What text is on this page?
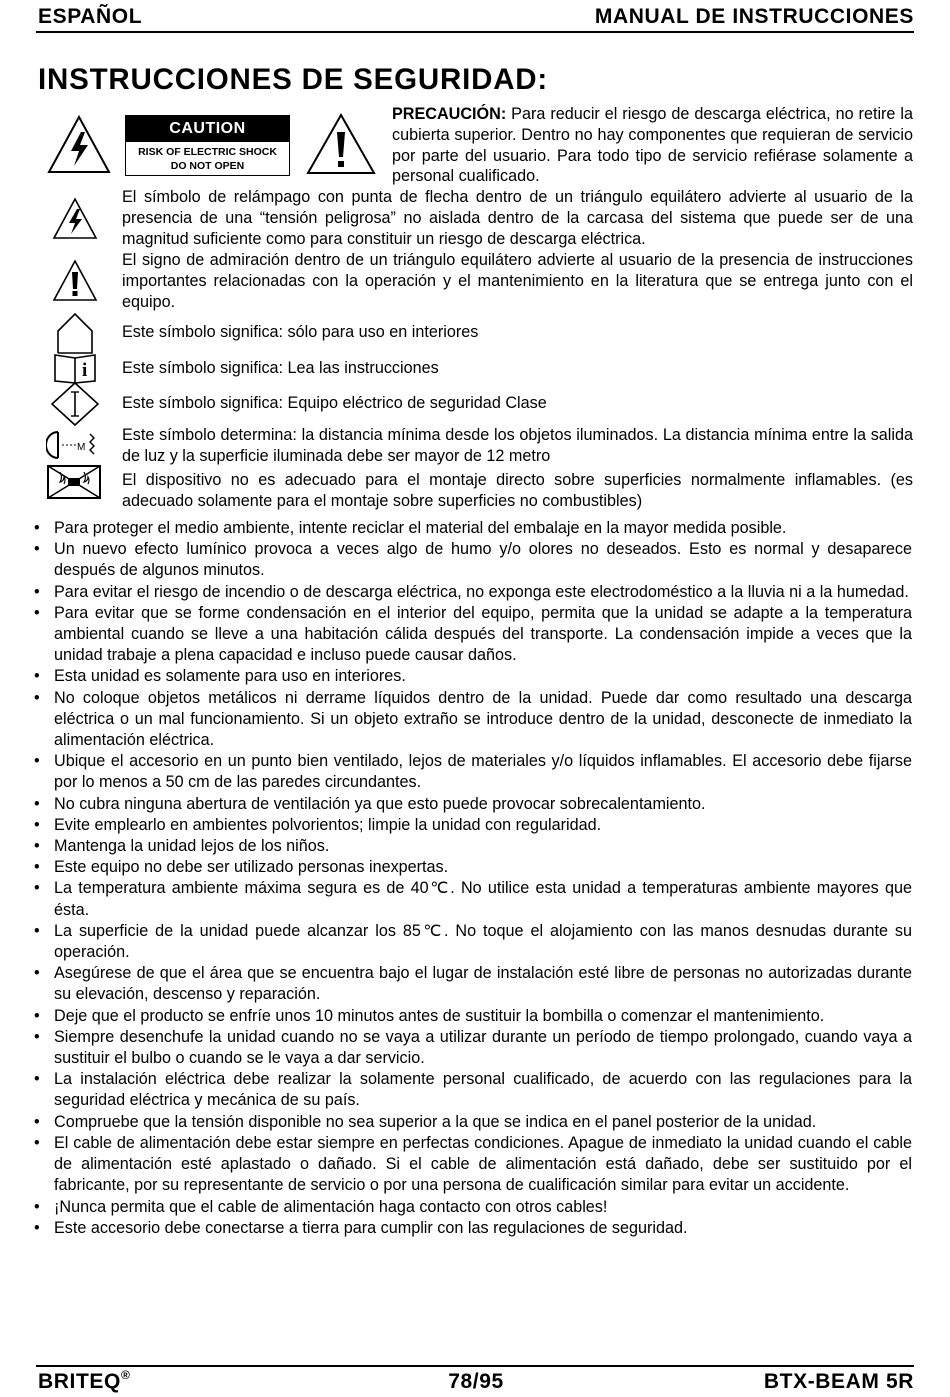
ESPAÑOL	MANUAL DE INSTRUCCIONES
INSTRUCCIONES DE SEGURIDAD:
CAUTION
RISK OF ELECTRIC SHOCK
DO NOT OPEN
PRECAUCIÓN: Para reducir el riesgo de descarga eléctrica, no retire la cubierta superior. Dentro no hay componentes que requieran de servicio por parte del usuario. Para todo tipo de servicio refiérase solamente a personal cualificado.
El símbolo de relámpago con punta de flecha dentro de un triángulo equilátero advierte al usuario de la presencia de una “tensión peligrosa” no aislada dentro de la carcasa del sistema que puede ser de una magnitud suficiente como para constituir un riesgo de descarga eléctrica.
El signo de admiración dentro de un triángulo equilátero advierte al usuario de la presencia de instrucciones importantes relacionadas con la operación y el mantenimiento en la literatura que se entrega junto con el equipo.
Este símbolo significa: sólo para uso en interiores
i Este símbolo significa: Lea las instrucciones
Este símbolo significa: Equipo eléctrico de seguridad Clase
M
Este símbolo determina: la distancia mínima desde los objetos iluminados. La distancia mínima entre la salida de luz y la superficie iluminada debe ser mayor de 12 metro
El dispositivo no es adecuado para el montaje directo sobre superficies normalmente inflamables. (es adecuado solamente para el montaje sobre superficies no combustibles)
• Para proteger el medio ambiente, intente reciclar el material del embalaje en la mayor medida posible.
• Un nuevo efecto lumínico provoca a veces algo de humo y/o olores no deseados. Esto es normal y desaparece después de algunos minutos.
• Para evitar el riesgo de incendio o de descarga eléctrica, no exponga este electrodoméstico a la lluvia ni a la humedad.
• Para evitar que se forme condensación en el interior del equipo, permita que la unidad se adapte a la temperatura ambiental cuando se lleve a una habitación cálida después del transporte. La condensación impide a veces que la unidad trabaje a plena capacidad e incluso puede causar daños.
• Esta unidad es solamente para uso en interiores.
• No coloque objetos metálicos ni derrame líquidos dentro de la unidad. Puede dar como resultado una descarga eléctrica o un mal funcionamiento. Si un objeto extraño se introduce dentro de la unidad, desconecte de inmediato la alimentación eléctrica.
• Ubique el accesorio en un punto bien ventilado, lejos de materiales y/o líquidos inflamables. El accesorio debe fijarse por lo menos a 50 cm de las paredes circundantes.
• No cubra ninguna abertura de ventilación ya que esto puede provocar sobrecalentamiento.
• Evite emplearlo en ambientes polvorientos; limpie la unidad con regularidad.
• Mantenga la unidad lejos de los niños.
• Este equipo no debe ser utilizado personas inexpertas.
• La temperatura ambiente máxima segura es de 40℃. No utilice esta unidad a temperaturas ambiente mayores que ésta.
• La superficie de la unidad puede alcanzar los 85℃. No toque el alojamiento con las manos desnudas durante su operación.
• Asegúrese de que el área que se encuentra bajo el lugar de instalación esté libre de personas no autorizadas durante su elevación, descenso y reparación.
• Deje que el producto se enfríe unos 10 minutos antes de sustituir la bombilla o comenzar el mantenimiento.
• Siempre desenchufe la unidad cuando no se vaya a utilizar durante un período de tiempo prolongado, cuando vaya a sustituir el bulbo o cuando se le vaya a dar servicio.
• La instalación eléctrica debe realizar la solamente personal cualificado, de acuerdo con las regulaciones para la seguridad eléctrica y mecánica de su país.
• Compruebe que la tensión disponible no sea superior a la que se indica en el panel posterior de la unidad.
• El cable de alimentación debe estar siempre en perfectas condiciones. Apague de inmediato la unidad cuando el cable de alimentación esté aplastado o dañado. Si el cable de alimentación está dañado, debe ser sustituido por el fabricante, por su representante de servicio o por una persona de cualificación similar para evitar un accidente.
• ¡Nunca permita que el cable de alimentación haga contacto con otros cables!
• Este accesorio debe conectarse a tierra para cumplir con las regulaciones de seguridad.
BRITEQ®	78/95	BTX-BEAM 5R
